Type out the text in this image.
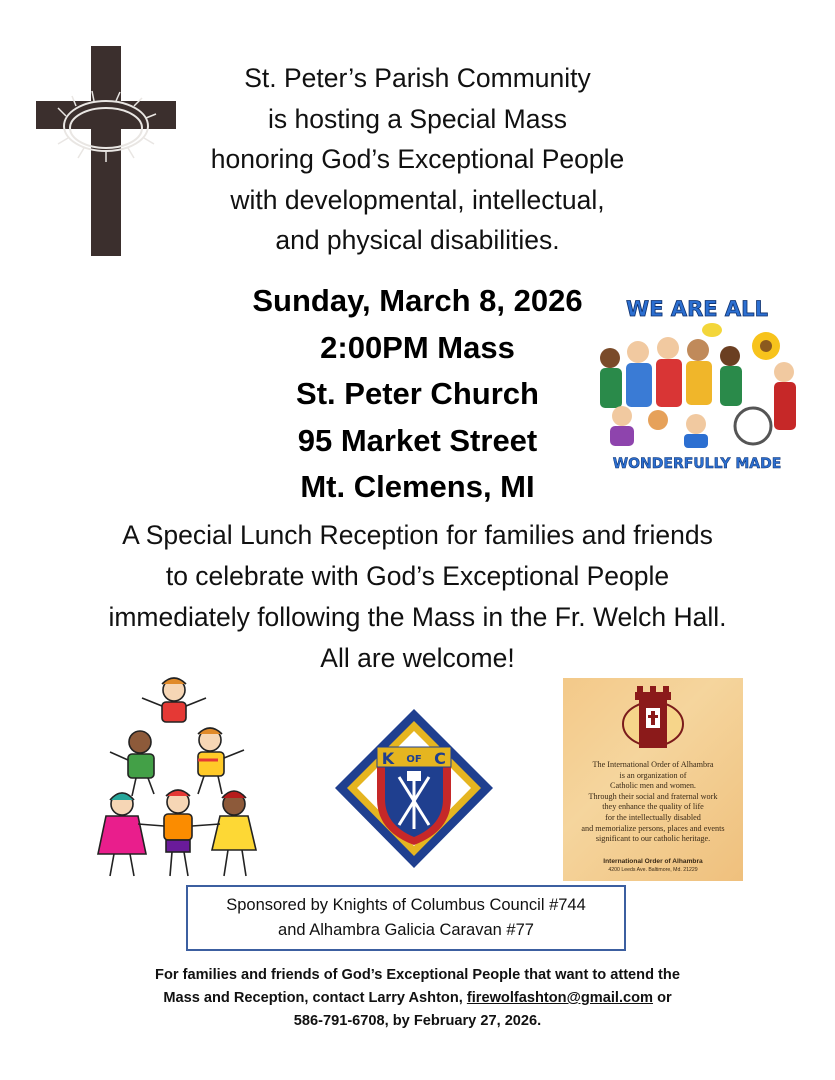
St. Peter’s Parish Community
is hosting a Special Mass
honoring God’s Exceptional People
with developmental, intellectual,
and physical disabilities.
Sunday, March 8, 2026
2:00PM Mass
St. Peter Church
95 Market Street
Mt. Clemens, MI
WE ARE ALL
WONDERFULLY MADE
A Special Lunch Reception for families and friends
to celebrate with God’s Exceptional People
immediately following the Mass in the Fr. Welch Hall.
All are welcome!
K OF C	The International Order of Alhambra
is an organization of
Catholic men and women.
Through their social and fraternal work
they enhance the quality of life
for the intellectually disabled
and memorialize persons, places and events
significant to our catholic heritage.
International Order of Alhambra
4200 Leeds Ave. Baltimore, Md. 21229
Sponsored by Knights of Columbus Council #744
and Alhambra Galicia Caravan #77
For families and friends of God’s Exceptional People that want to attend the
Mass and Reception, contact Larry Ashton, firewolfashton@gmail.com or
586-791-6708, by February 27, 2026.
